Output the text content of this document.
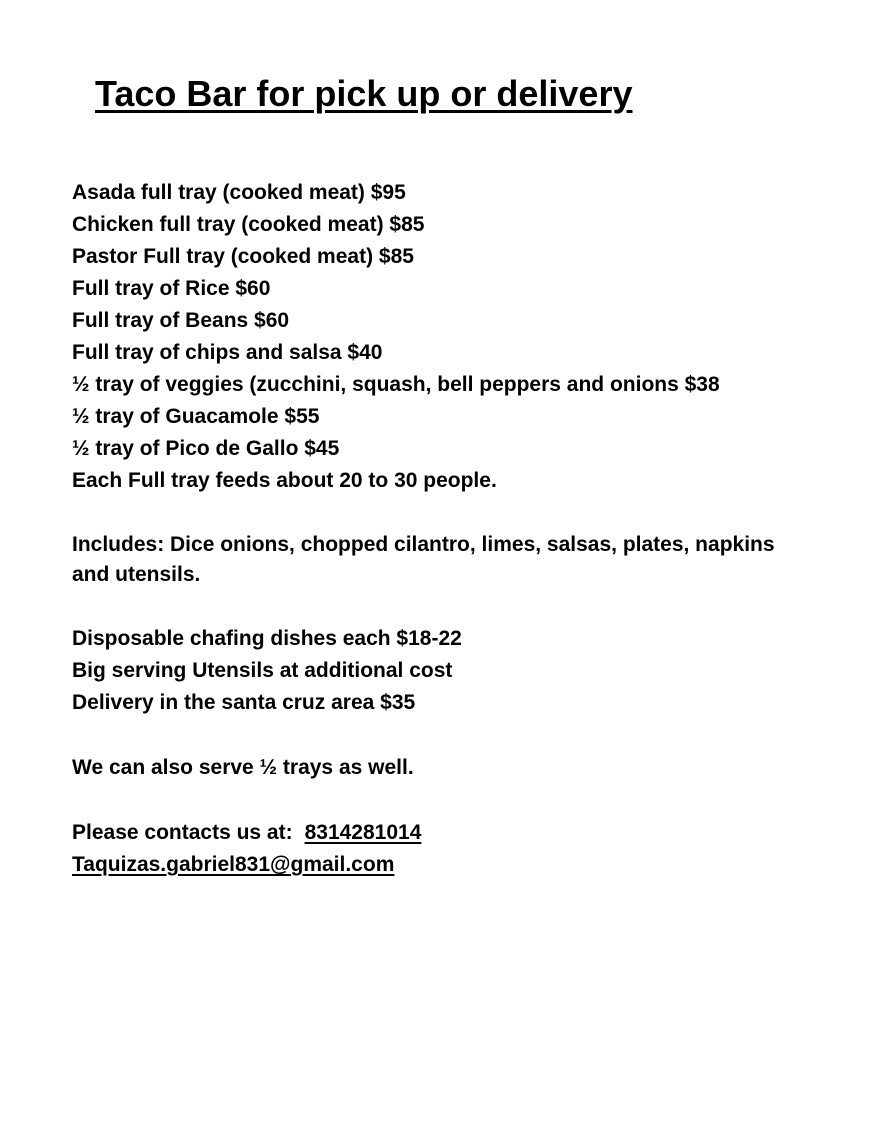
Taco Bar for pick up or delivery
Asada full tray (cooked meat) $95
Chicken full tray (cooked meat) $85
Pastor Full tray (cooked meat) $85
Full tray of Rice $60
Full tray of Beans $60
Full tray of chips and salsa $40
½ tray of veggies (zucchini, squash, bell peppers and onions $38
½ tray of Guacamole $55
½ tray of Pico de Gallo $45
Each Full tray feeds about 20 to 30 people.
Includes: Dice onions, chopped cilantro, limes, salsas, plates, napkins and utensils.
Disposable chafing dishes each $18-22
Big serving Utensils at additional cost
Delivery in the santa cruz area $35
We can also serve ½ trays as well.
Please contacts us at: 8314281014
Taquizas.gabriel831@gmail.com
